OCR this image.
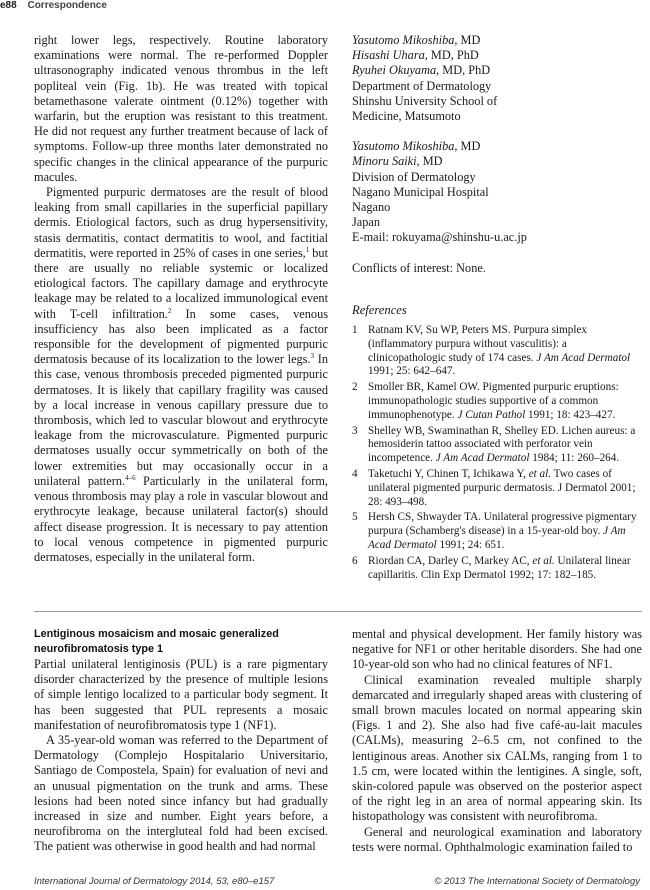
e88 Correspondence

right lower legs, respectively. Routine laboratory examinations were normal. The re-performed Doppler ultrasonography indicated venous thrombus in the left popliteal vein (Fig. 1b). He was treated with topical betamethasone valerate ointment (0.12%) together with warfarin, but the eruption was resistant to this treatment. He did not request any further treatment because of lack of symptoms. Follow-up three months later demonstrated no specific changes in the clinical appearance of the purpuric macules.

Pigmented purpuric dermatoses are the result of blood leaking from small capillaries in the superficial papillary dermis. Etiological factors, such as drug hypersensitivity, stasis dermatitis, contact dermatitis to wool, and factitial dermatitis, were reported in 25% of cases in one series,$^1$ but there are usually no reliable systemic or localized etiological factors. The capillary damage and erythrocyte leakage may be related to a localized immunological event with T-cell infiltration.$^2$ In some cases, venous insufficiency has also been implicated as a factor responsible for the development of pigmented purpuric dermatosis because of its localization to the lower legs.$^3$ In this case, venous thrombosis preceded pigmented purpuric dermatoses. It is likely that capillary fragility was caused by a local increase in venous capillary pressure due to thrombosis, which led to vascular blowout and erythrocyte leakage from the microvasculature. Pigmented purpuric dermatoses usually occur symmetrically on both of the lower extremities but may occasionally occur in a unilateral pattern.$^{4-6}$ Particularly in the unilateral form, venous thrombosis may play a role in vascular blowout and erythrocyte leakage, because unilateral factor(s) should affect disease progression. It is necessary to pay attention to local venous competence in pigmented purpuric dermatoses, especially in the unilateral form.

Yasutomo Mikoshiba, MD
Hisashi Uhara, MD, PhD
Ryuhei Okuyama, MD, PhD
Department of Dermatology
Shinshu University School of
Medicine, Matsumoto
Yasutomo Mikoshiba, MD
Minoru Saiki, MD
Division of Dermatology
Nagano Municipal Hospital
Nagano
Japan
E-mail: rokuyama@shinshu-u.ac.jp
Conflicts of interest: None.
References
1 Ratnam KV, Su WP, Peters MS. Purpura simplex (inflammatory purpura without vasculitis): a clinicopathologic study of 174 cases. J Am Acad Dermatol 1991; 25: 642–647.
2 Smoller BR, Kamel OW. Pigmented purpuric eruptions: immunopathologic studies supportive of a common immunophenotype. J Cutan Pathol 1991; 18: 423–427.
3 Shelley WB, Swaminathan R, Shelley ED. Lichen aureus: a hemosiderin tattoo associated with perforator vein incompetence. J Am Acad Dermatol 1984; 11: 260–264.
4 Taketuchi Y, Chinen T, Ichikawa Y, et al. Two cases of unilateral pigmented purpuric dermatosis. J Dermatol 2001; 28: 493–498.
5 Hersh CS, Shwayder TA. Unilateral progressive pigmentary purpura (Schamberg's disease) in a 15-year-old boy. J Am Acad Dermatol 1991; 24: 651.
6 Riordan CA, Darley C, Markey AC, et al. Unilateral linear capillaritis. Clin Exp Dermatol 1992; 17: 182–185.
Lentiginous mosaicism and mosaic generalized neurofibromatosis type 1

Partial unilateral lentiginosis (PUL) is a rare pigmentary disorder characterized by the presence of multiple lesions of simple lentigo localized to a particular body segment. It has been suggested that PUL represents a mosaic manifestation of neurofibromatosis type 1 (NF1).

A 35-year-old woman was referred to the Department of Dermatology (Complejo Hospitalario Universitario, Santiago de Compostela, Spain) for evaluation of nevi and an unusual pigmentation on the trunk and arms. These lesions had been noted since infancy but had gradually increased in size and number. Eight years before, a neurofibroma on the intergluteal fold had been excised. The patient was otherwise in good health and had normal

mental and physical development. Her family history was negative for NF1 or other heritable disorders. She had one 10-year-old son who had no clinical features of NF1.

Clinical examination revealed multiple sharply demarcated and irregularly shaped areas with clustering of small brown macules located on normal appearing skin (Figs. 1 and 2). She also had five café-au-lait macules (CALMs), measuring 2–6.5 cm, not confined to the lentiginous areas. Another six CALMs, ranging from 1 to 1.5 cm, were located within the lentigines. A single, soft, skin-colored papule was observed on the posterior aspect of the right leg in an area of normal appearing skin. Its histopathology was consistent with neurofibroma.

General and neurological examination and laboratory tests were normal. Ophthalmologic examination failed to

International Journal of Dermatology 2014, 53, e80–e157	© 2013 The International Society of Dermatology
